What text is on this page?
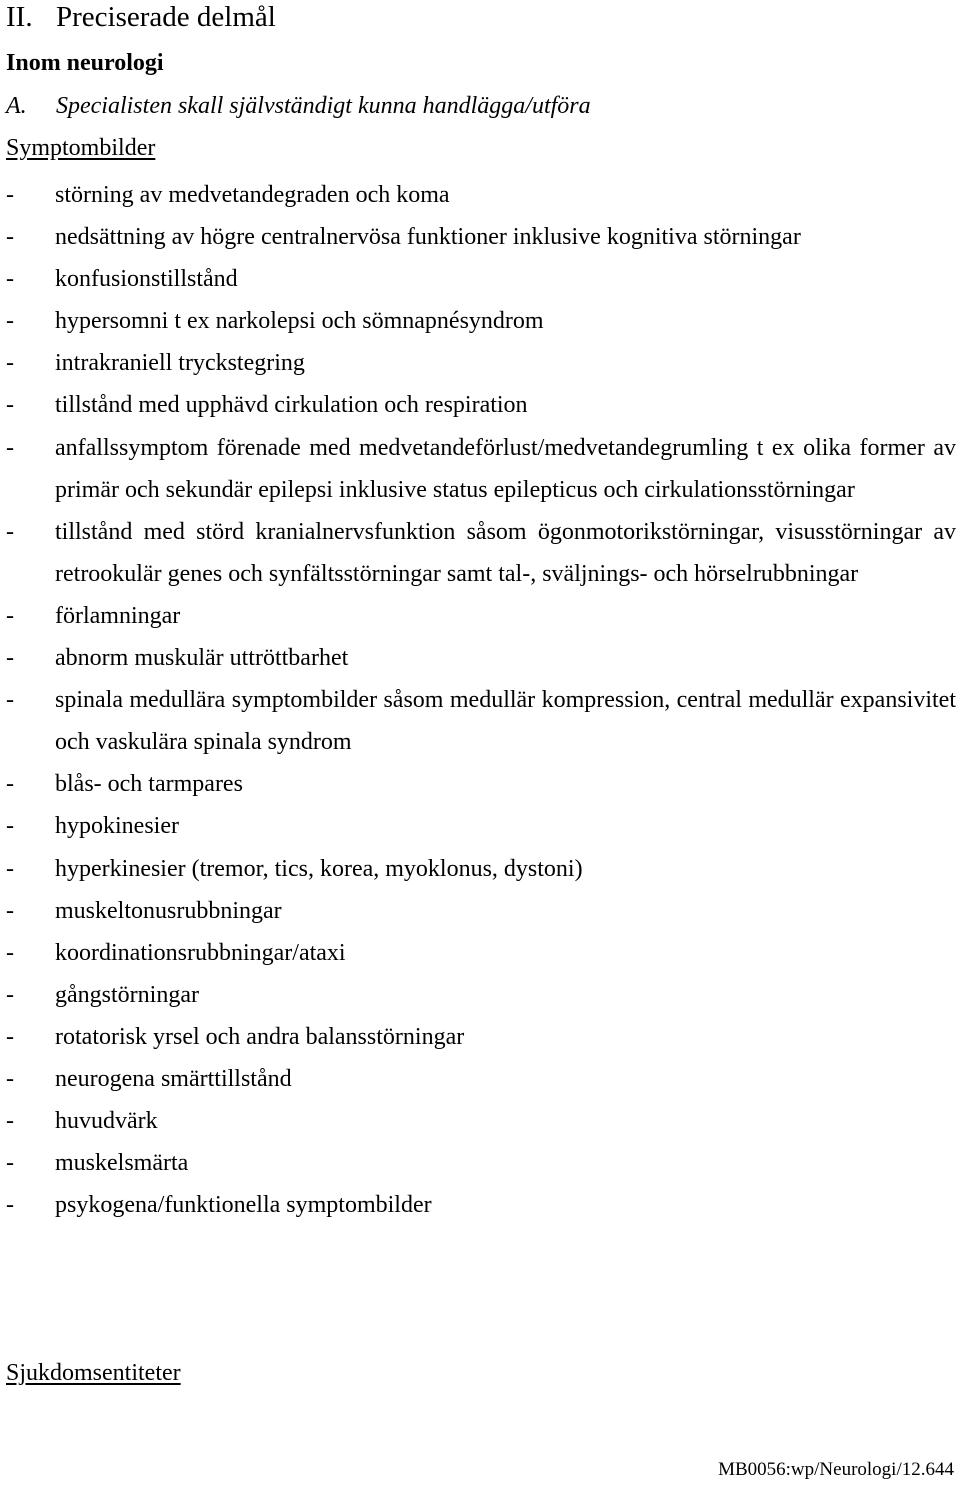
II. Preciserade delmål
Inom neurologi
A. Specialisten skall självständigt kunna handlägga/utföra
Symptombilder
- störning av medvetandegraden och koma
- nedsättning av högre centralnervösa funktioner inklusive kognitiva störningar
- konfusionstillstånd
- hypersomni t ex narkolepsi och sömnapnésyndrom
- intrakraniell tryckstegring
- tillstånd med upphävd cirkulation och respiration
- anfallssymptom förenade med medvetandeförlust/medvetandegrumling t ex olika former av primär och sekundär epilepsi inklusive status epilepticus och cirkulationsstörningar
- tillstånd med störd kranialnervsfunktion såsom ögonmotorikstörningar, visusstörningar av retrookulär genes och synfältsstörningar samt tal-, sväljnings- och hörselrubbningar
- förlamningar
- abnorm muskulär uttröttbarhet
- spinala medullära symptombilder såsom medullär kompression, central medullär expansivitet och vaskulära spinala syndrom
- blås- och tarmpares
- hypokinesier
- hyperkinesier (tremor, tics, korea, myoklonus, dystoni)
- muskeltonusrubbningar
- koordinationsrubbningar/ataxi
- gångstörningar
- rotatorisk yrsel och andra balansstörningar
- neurogena smärttillstånd
- huvudvärk
- muskelsmärta
- psykogena/funktionella symptombilder
Sjukdomsentiteter
MB0056:wp/Neurologi/12.644
